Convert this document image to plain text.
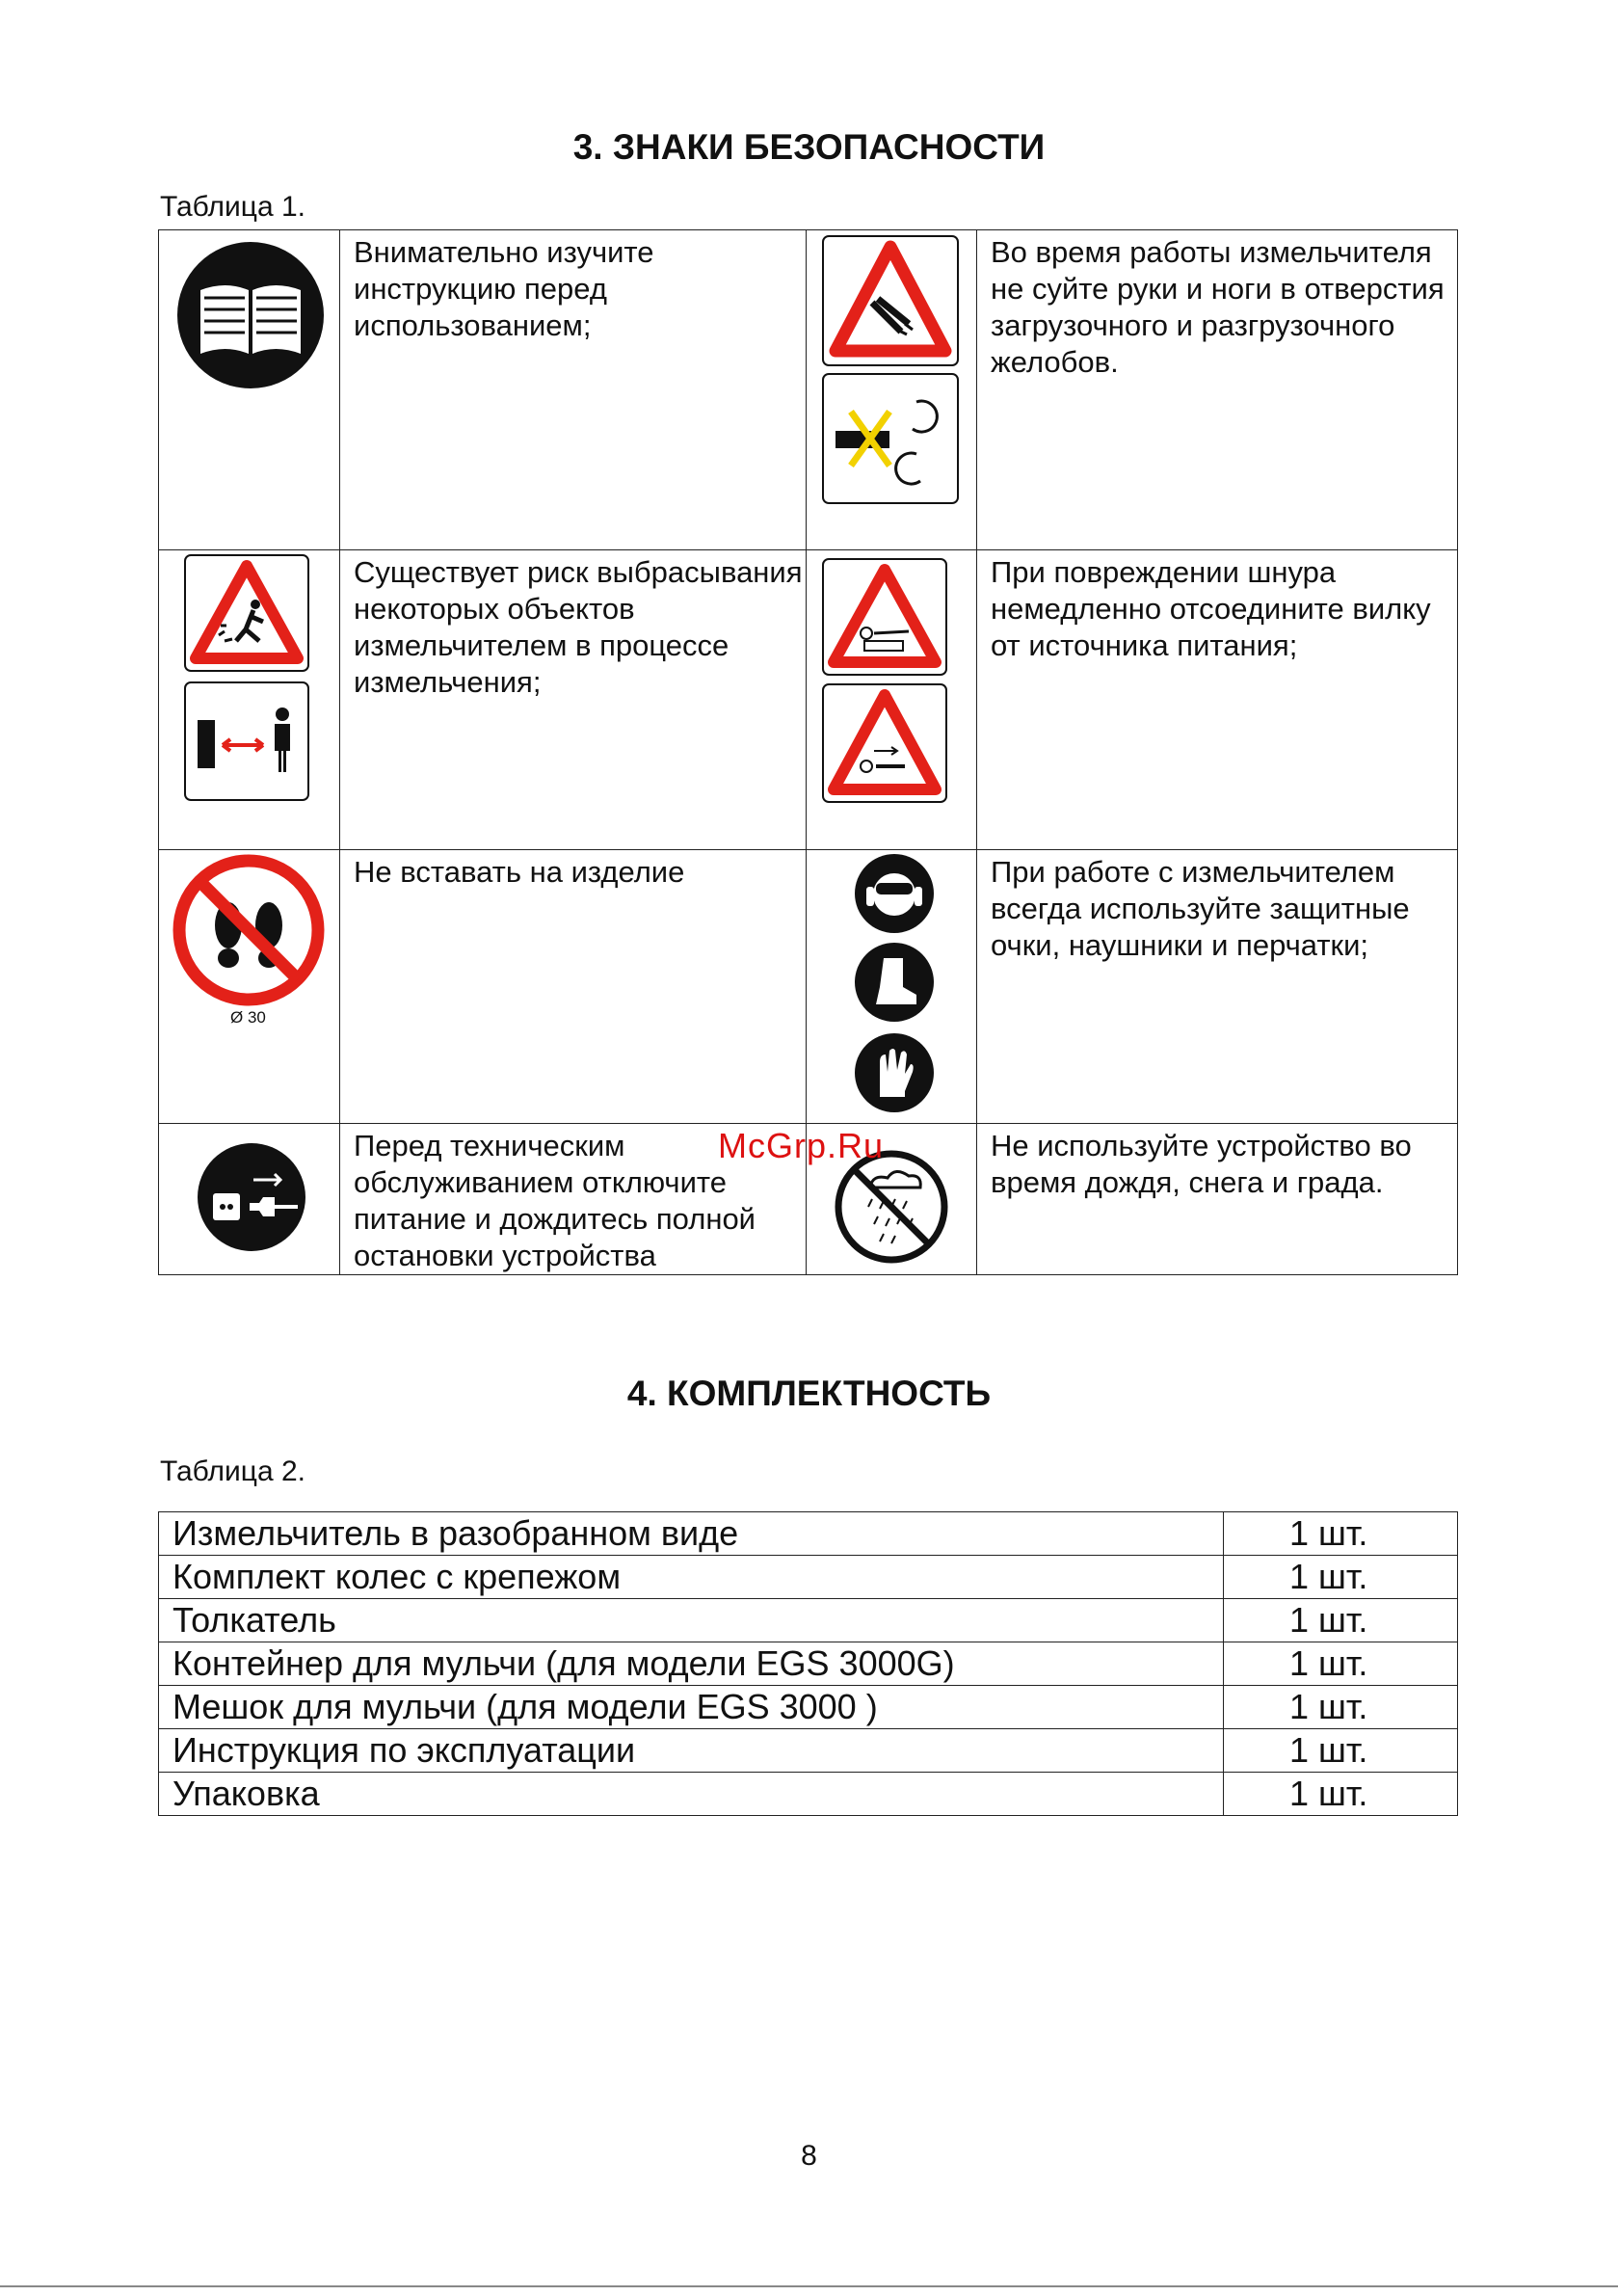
3. ЗНАКИ БЕЗОПАСНОСТИ
Таблица 1.
	Внимательно изучите инструкцию перед использованием;		Во время работы измельчителя не суйте руки и ноги в отверстия загрузочного и разгрузочного желобов.

	Существует риск выбрасывания некоторых объектов измельчителем в процессе измельчения;		При повреждении шнура немедленно отсоедините вилку от источника питания;

Ø 30	Не вставать на изделие		При работе с измельчителем всегда используйте защитные очки, наушники и перчатки;

	Перед техническим обслуживанием отключите питание и дождитесь полной остановки устройства		Не используйте устройство во время дождя, снега и града.
McGrp.Ru
4. КОМПЛЕКТНОСТЬ
Таблица 2.
Измельчитель в разобранном виде	1 шт.
Комплект колес с крепежом	1 шт.
Толкатель	1 шт.
Контейнер для мульчи (для модели EGS 3000G)	1 шт.
Мешок для мульчи (для модели EGS 3000 )	1 шт.
Инструкция по эксплуатации	1 шт.
Упаковка	1 шт.
8
